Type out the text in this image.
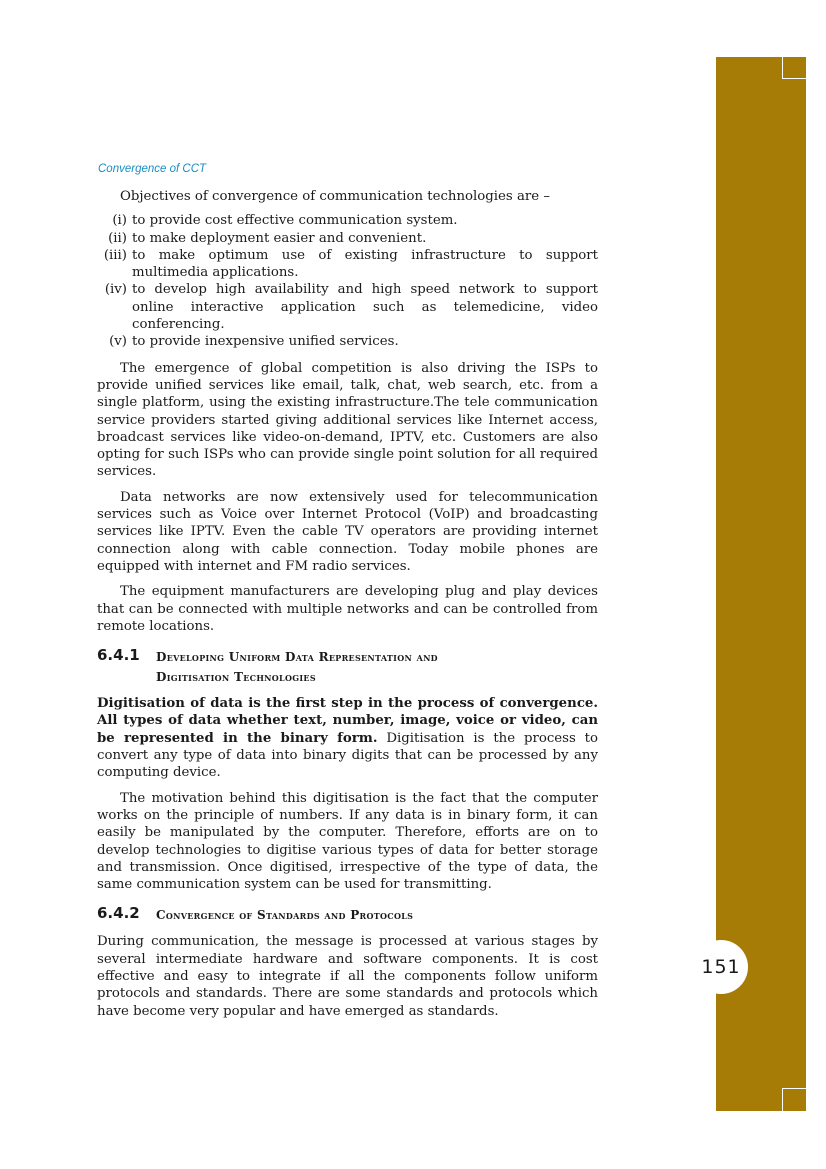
151
Convergence of CCT

Objectives of convergence of communication technologies are –

(i) to provide cost effective communication system.
(ii) to make deployment easier and convenient.
(iii) to make optimum use of existing infrastructure to support multimedia applications.
(iv) to develop high availability and high speed network to support online interactive application such as telemedicine, video conferencing.
(v) to provide inexpensive unified services.

The emergence of global competition is also driving the ISPs to provide unified services like email, talk, chat, web search, etc. from a single platform, using the existing infrastructure.The tele communication service providers started giving additional services like Internet access, broadcast services like video-on-demand, IPTV, etc. Customers are also opting for such ISPs who can provide single point solution for all required services.

Data networks are now extensively used for telecommunication services such as Voice over Internet Protocol (VoIP) and broadcasting services like IPTV. Even the cable TV operators are providing internet connection along with cable connection. Today mobile phones are equipped with internet and FM radio services.

The equipment manufacturers are developing plug and play devices that can be connected with multiple networks and can be controlled from remote locations.

6.4.1	Developing Uniform Data Representation and
Digitisation Technologies

Digitisation of data is the first step in the process of convergence. All types of data whether text, number, image, voice or video, can be represented in the binary form. Digitisation is the process to convert any type of data into binary digits that can be processed by any computing device.

The motivation behind this digitisation is the fact that the computer works on the principle of numbers. If any data is in binary form, it can easily be manipulated by the computer. Therefore, efforts are on to develop technologies to digitise various types of data for better storage and transmission. Once digitised, irrespective of the type of data, the same communication system can be used for transmitting.

6.4.2	Convergence of Standards and Protocols

During communication, the message is processed at various stages by several intermediate hardware and software components. It is cost effective and easy to integrate if all the components follow uniform protocols and standards. There are some standards and protocols which have become very popular and have emerged as standards.
